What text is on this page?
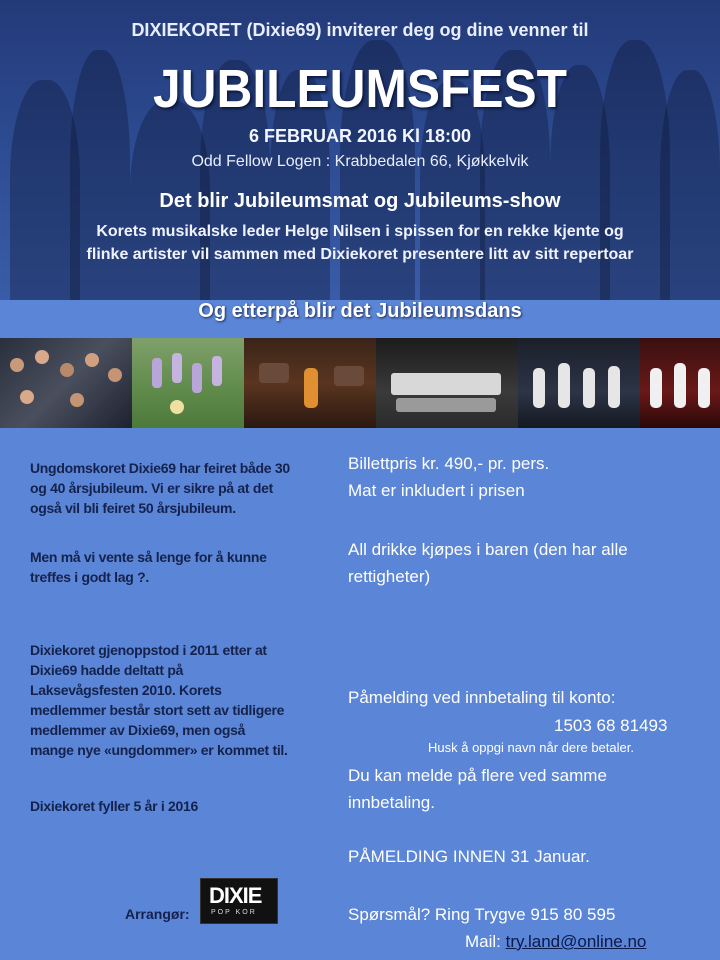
DIXIEKORET (Dixie69) inviterer deg og dine venner til
JUBILEUMSFEST
6 FEBRUAR 2016 Kl 18:00
Odd Fellow Logen : Krabbedalen 66, Kjøkkelvik
Det blir Jubileumsmat og Jubileums-show
Korets musikalske leder Helge Nilsen i spissen for en rekke kjente og flinke artister vil sammen med Dixiekoret presentere litt av sitt repertoar
Og etterpå blir det Jubileumsdans
Ungdomskoret Dixie69 har feiret både 30 og 40 årsjubileum. Vi er sikre på at det også vil bli feiret 50 årsjubileum.
Men må vi vente så lenge for å kunne treffes i godt lag ?.
Dixiekoret gjenoppstod i 2011 etter at Dixie69 hadde deltatt på Laksevågsfesten 2010. Korets medlemmer består stort sett av tidligere medlemmer av Dixie69, men også mange nye «ungdommer» er kommet til.
Dixiekoret fyller 5 år i 2016
Arrangør:
DIXIE
POP KOR

Billettpris kr. 490,- pr. pers.

Mat er inkludert i prisen

All drikke kjøpes i baren (den har alle rettigheter)
Påmelding ved innbetaling til konto:
1503 68 81493
Husk å oppgi navn når dere betaler.
Du kan melde på flere ved samme innbetaling.
PÅMELDING INNEN 31 Januar.
Spørsmål? Ring Trygve 915 80 595
Mail: try.land@online.no
